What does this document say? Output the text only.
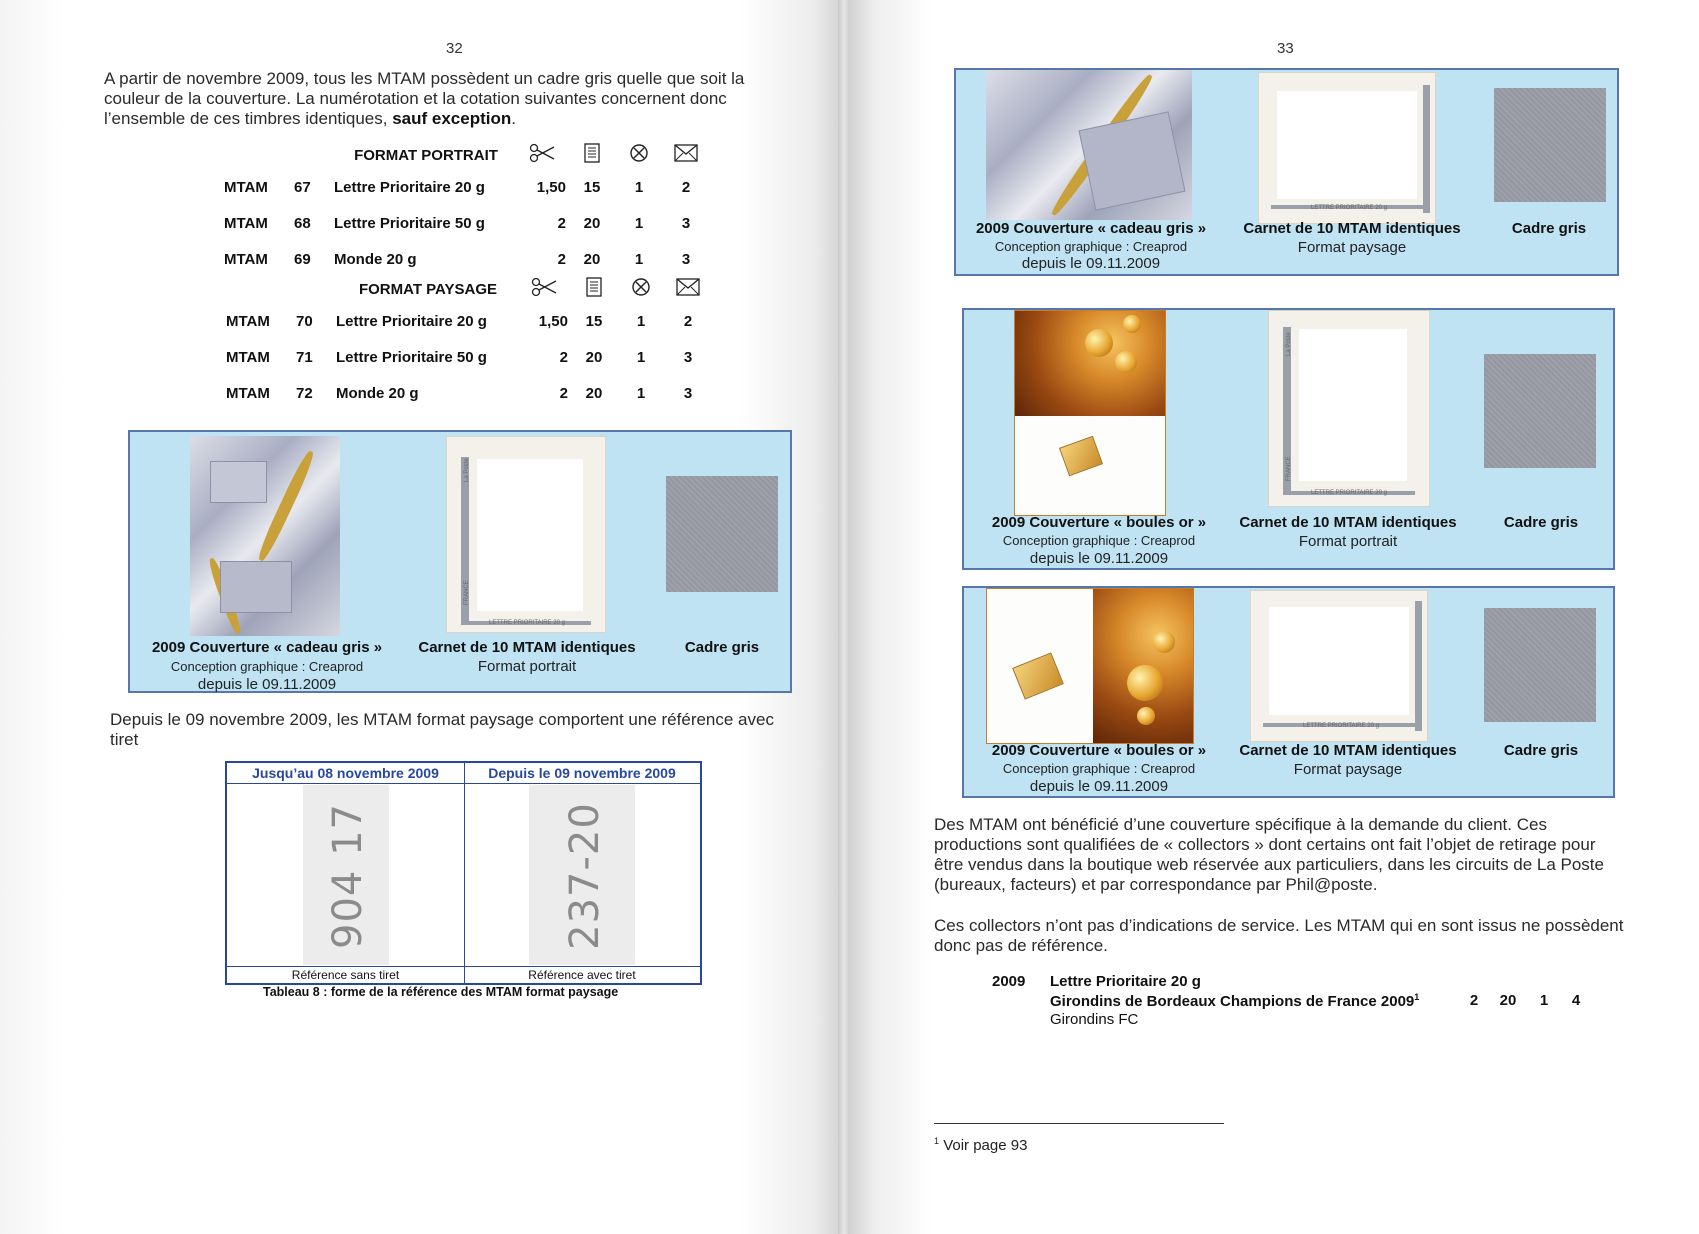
32
A partir de novembre 2009, tous les MTAM possèdent un cadre gris quelle que soit la couleur de la couverture. La numérotation et la cotation suivantes concernent donc l’ensemble de ces timbres identiques, sauf exception.
		FORMAT PORTRAIT				
MTAM	67	Lettre Prioritaire 20 g	1,50	15	1	2
MTAM	68	Lettre Prioritaire 50 g	2	20	1	3
MTAM	69	Monde 20 g	2	20	1	3
		FORMAT PAYSAGE				
MTAM	70	Lettre Prioritaire 20 g	1,50	15	1	2
MTAM	71	Lettre Prioritaire 50 g	2	20	1	3
MTAM	72	Monde 20 g	2	20	1	3
FRANCE
La Poste
LETTRE PRIORITAIRE 20 g
2009 Couverture « cadeau gris »
Conception graphique : Creaprod
depuis le 09.11.2009
Carnet de 10 MTAM identiques
Format portrait
Cadre gris
Depuis le 09 novembre 2009, les MTAM format paysage comportent une référence avec tiret
Jusqu’au 08 novembre 2009	Depuis le 09 novembre 2009
904 17	237-20
Référence sans tiret	Référence avec tiret
Tableau 8 : forme de la référence des MTAM format paysage
33
LETTRE PRIORITAIRE 20 g
2009 Couverture « cadeau gris »
Conception graphique : Creaprod
depuis le 09.11.2009
Carnet de 10 MTAM identiques
Format paysage
Cadre gris
FRANCE
La Poste
LETTRE PRIORITAIRE 20 g
2009 Couverture « boules or »
Conception graphique : Creaprod
depuis le 09.11.2009
Carnet de 10 MTAM identiques
Format portrait
Cadre gris
LETTRE PRIORITAIRE 20 g
2009 Couverture « boules or »
Conception graphique : Creaprod
depuis le 09.11.2009
Carnet de 10 MTAM identiques
Format paysage
Cadre gris
Des MTAM ont bénéficié d’une couverture spécifique à la demande du client. Ces productions sont qualifiées de « collectors » dont certains ont fait l’objet de retirage pour être vendus dans la boutique web réservée aux particuliers, dans les circuits de La Poste (bureaux, facteurs) et par correspondance par Phil@poste.
Ces collectors n’ont pas d’indications de service. Les MTAM qui en sont issus ne possèdent donc pas de référence.
2009 Lettre Prioritaire 20 g
Girondins de Bordeaux Champions de France 2009$^1$	2	20	1	4
Girondins FC
$^1$ Voir page 93
